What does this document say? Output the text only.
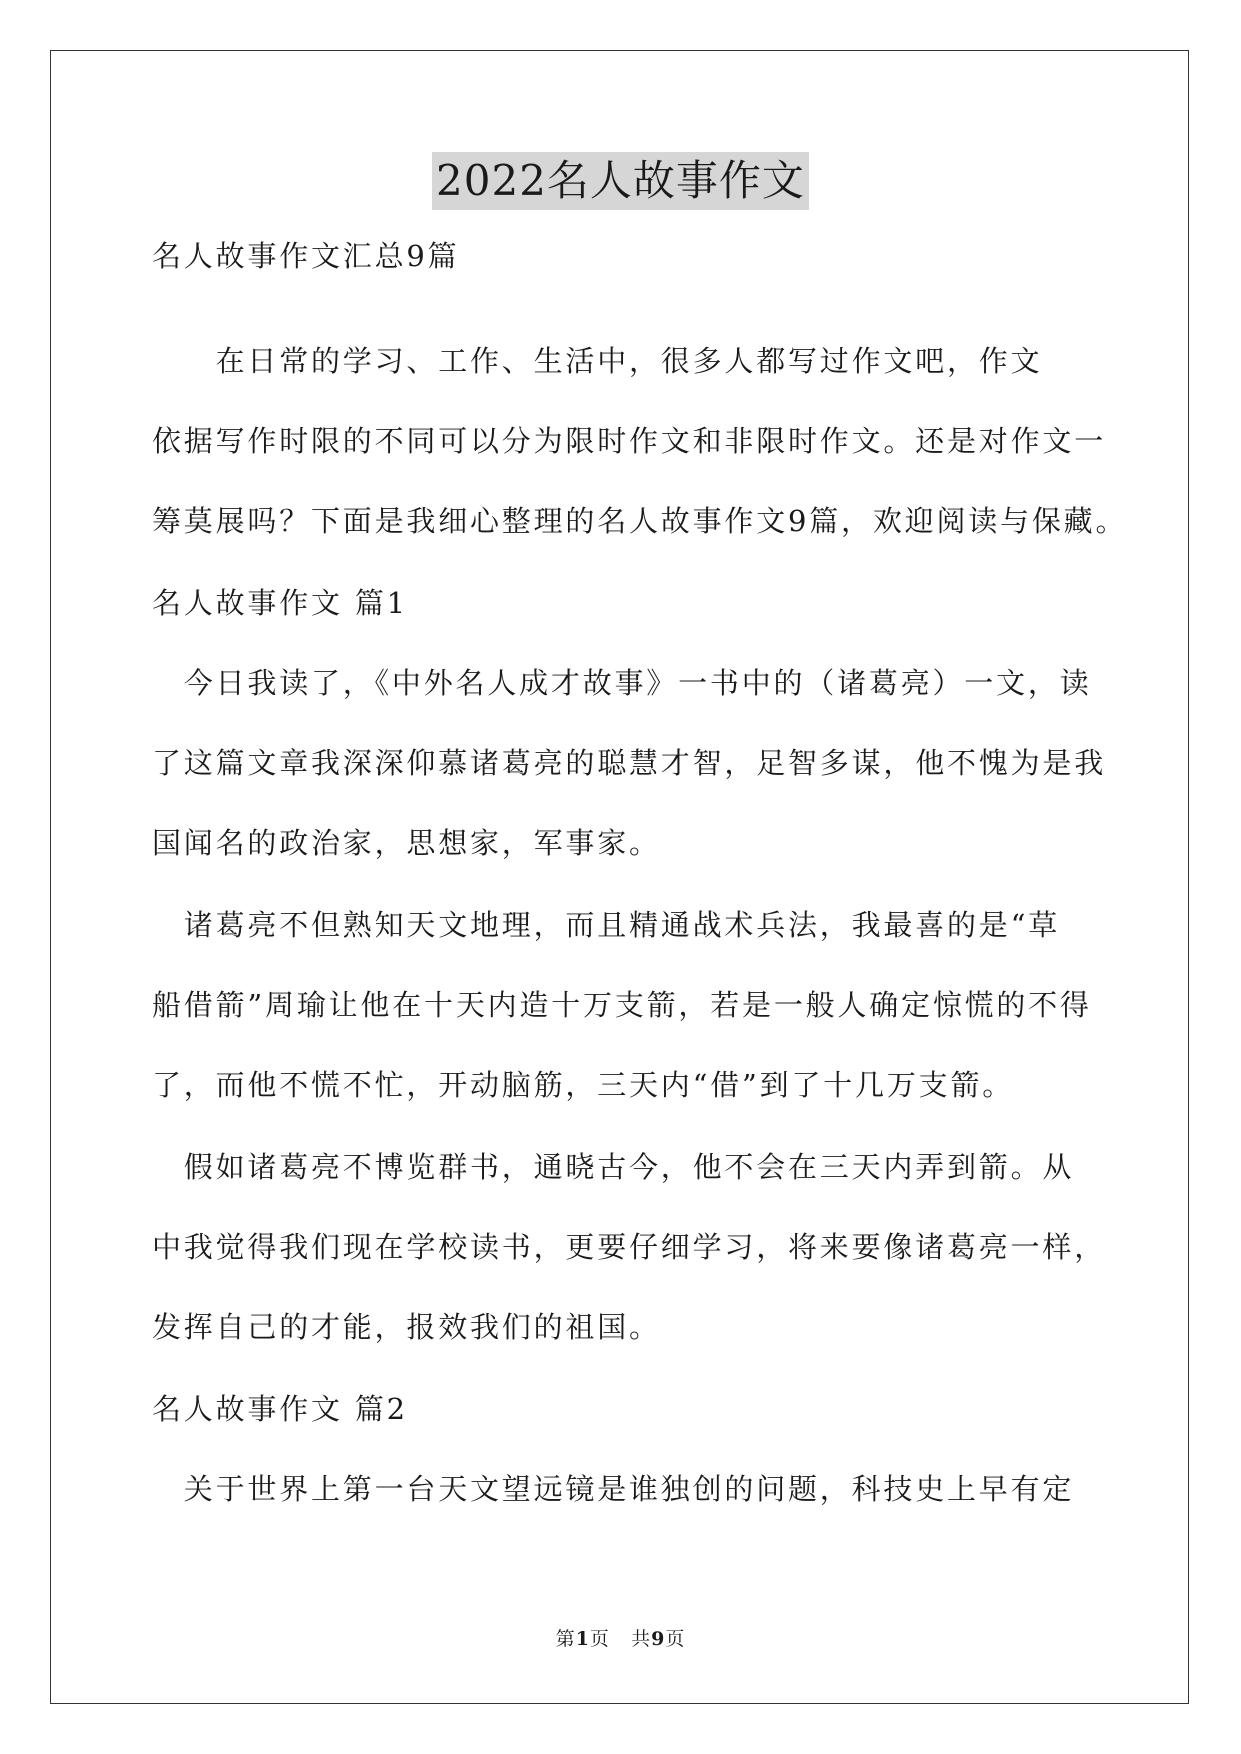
2022名人故事作文
名人故事作文汇总9篇
　　在日常的学习、工作、生活中，很多人都写过作文吧，作文
依据写作时限的不同可以分为限时作文和非限时作文。还是对作文一
筹莫展吗？下面是我细心整理的名人故事作文9篇，欢迎阅读与保藏。
名人故事作文 篇1
　今日我读了，《中外名人成才故事》一书中的（诸葛亮）一文，读
了这篇文章我深深仰慕诸葛亮的聪慧才智，足智多谋，他不愧为是我
国闻名的政治家，思想家，军事家。
　诸葛亮不但熟知天文地理，而且精通战术兵法，我最喜的是“草
船借箭”周瑜让他在十天内造十万支箭，若是一般人确定惊慌的不得
了，而他不慌不忙，开动脑筋，三天内“借”到了十几万支箭。
　假如诸葛亮不博览群书，通晓古今，他不会在三天内弄到箭。从
中我觉得我们现在学校读书，更要仔细学习，将来要像诸葛亮一样，
发挥自己的才能，报效我们的祖国。
名人故事作文 篇2
　关于世界上第一台天文望远镜是谁独创的问题，科技史上早有定
第1页 共9页
